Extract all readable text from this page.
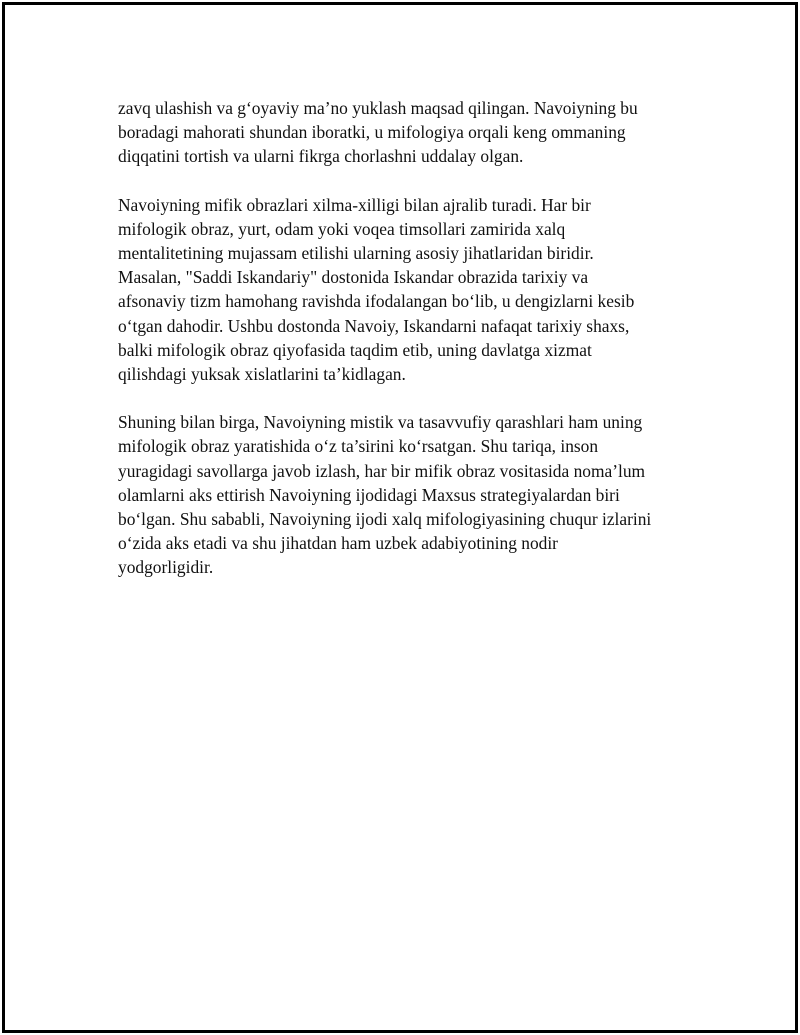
zavq ulashish va g‘oyaviy ma’no yuklash maqsad qilingan. Navoiyning bu
boradagi mahorati shundan iboratki, u mifologiya orqali keng ommaning
diqqatini tortish va ularni fikrga chorlashni uddalay olgan.

Navoiyning mifik obrazlari xilma-xilligi bilan ajralib turadi. Har bir
mifologik obraz, yurt, odam yoki voqea timsollari zamirida xalq
mentalitetining mujassam etilishi ularning asosiy jihatlaridan biridir.
Masalan, "Saddi Iskandariy" dostonida Iskandar obrazida tarixiy va
afsonaviy tizm hamohang ravishda ifodalangan bo‘lib, u dengizlarni kesib
o‘tgan dahodir. Ushbu dostonda Navoiy, Iskandarni nafaqat tarixiy shaxs,
balki mifologik obraz qiyofasida taqdim etib, uning davlatga xizmat
qilishdagi yuksak xislatlarini ta’kidlagan.

Shuning bilan birga, Navoiyning mistik va tasavvufiy qarashlari ham uning
mifologik obraz yaratishida o‘z ta’sirini ko‘rsatgan. Shu tariqa, inson
yuragidagi savollarga javob izlash, har bir mifik obraz vositasida noma’lum
olamlarni aks ettirish Navoiyning ijodidagi Maxsus strategiyalardan biri
bo‘lgan. Shu sababli, Navoiyning ijodi xalq mifologiyasining chuqur izlarini
o‘zida aks etadi va shu jihatdan ham uzbek adabiyotining nodir
yodgorligidir.
